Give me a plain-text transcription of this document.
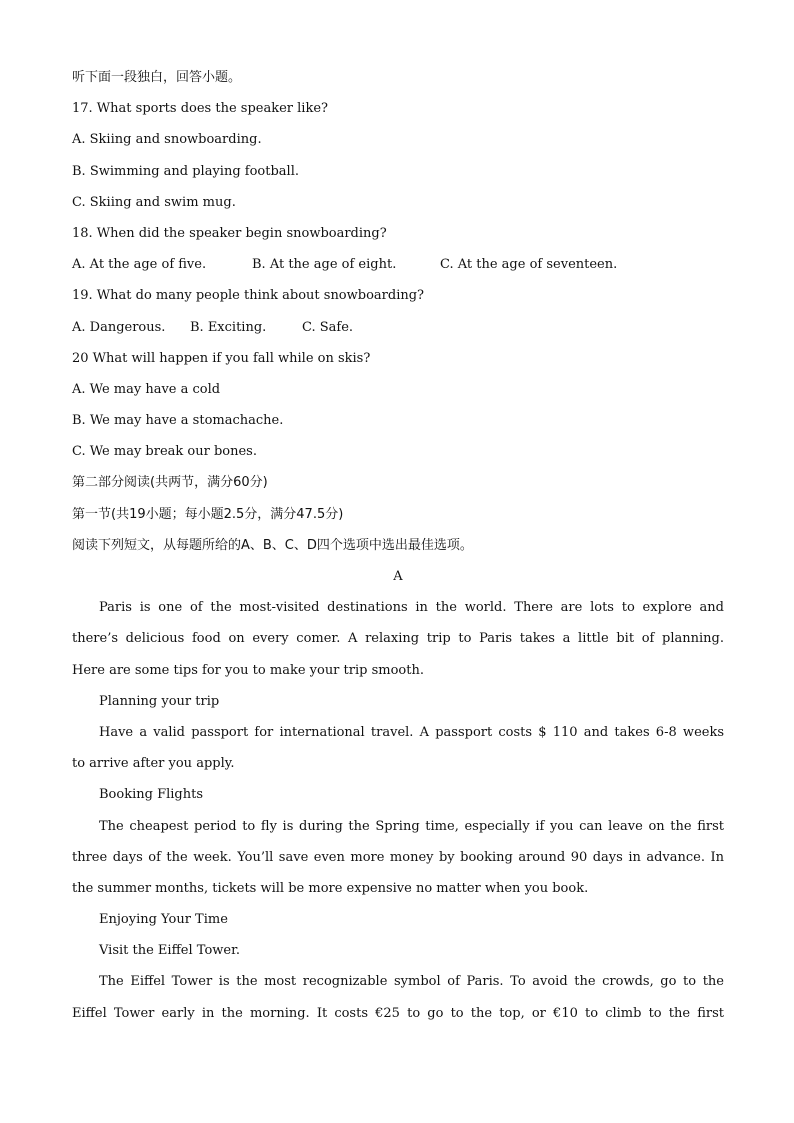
听下面一段独白，回答小题。
17. What sports does the speaker like?
A. Skiing and snowboarding.
B. Swimming and playing football.
C. Skiing and swim mug.
18. When did the speaker begin snowboarding?
A. At the age of five.	B. At the age of eight.	C. At the age of seventeen.
19. What do many people think about snowboarding?
A. Dangerous. B. Exciting.	C. Safe.
20 What will happen if you fall while on skis?
A. We may have a cold
B. We may have a stomachache.
C. We may break our bones.
第二部分阅读(共两节，满分60分)
第一节(共19小题；每小题2.5分，满分47.5分)
阅读下列短文，从每题所给的A、B、C、D四个选项中选出最佳选项。
A
Paris is one of the most-visited destinations in the world. There are lots to explore and
there’s delicious food on every comer. A relaxing trip to Paris takes a little bit of planning.
Here are some tips for you to make your trip smooth.
Planning your trip
Have a valid passport for international travel. A passport costs $ 110 and takes 6-8 weeks
to arrive after you apply.
Booking Flights
The cheapest period to fly is during the Spring time, especially if you can leave on the first
three days of the week. You’ll save even more money by booking around 90 days in advance. In
the summer months, tickets will be more expensive no matter when you book.
Enjoying Your Time
Visit the Eiffel Tower.
The Eiffel Tower is the most recognizable symbol of Paris. To avoid the crowds, go to the
Eiffel Tower early in the morning. It costs €25 to go to the top, or €10 to climb to the first
